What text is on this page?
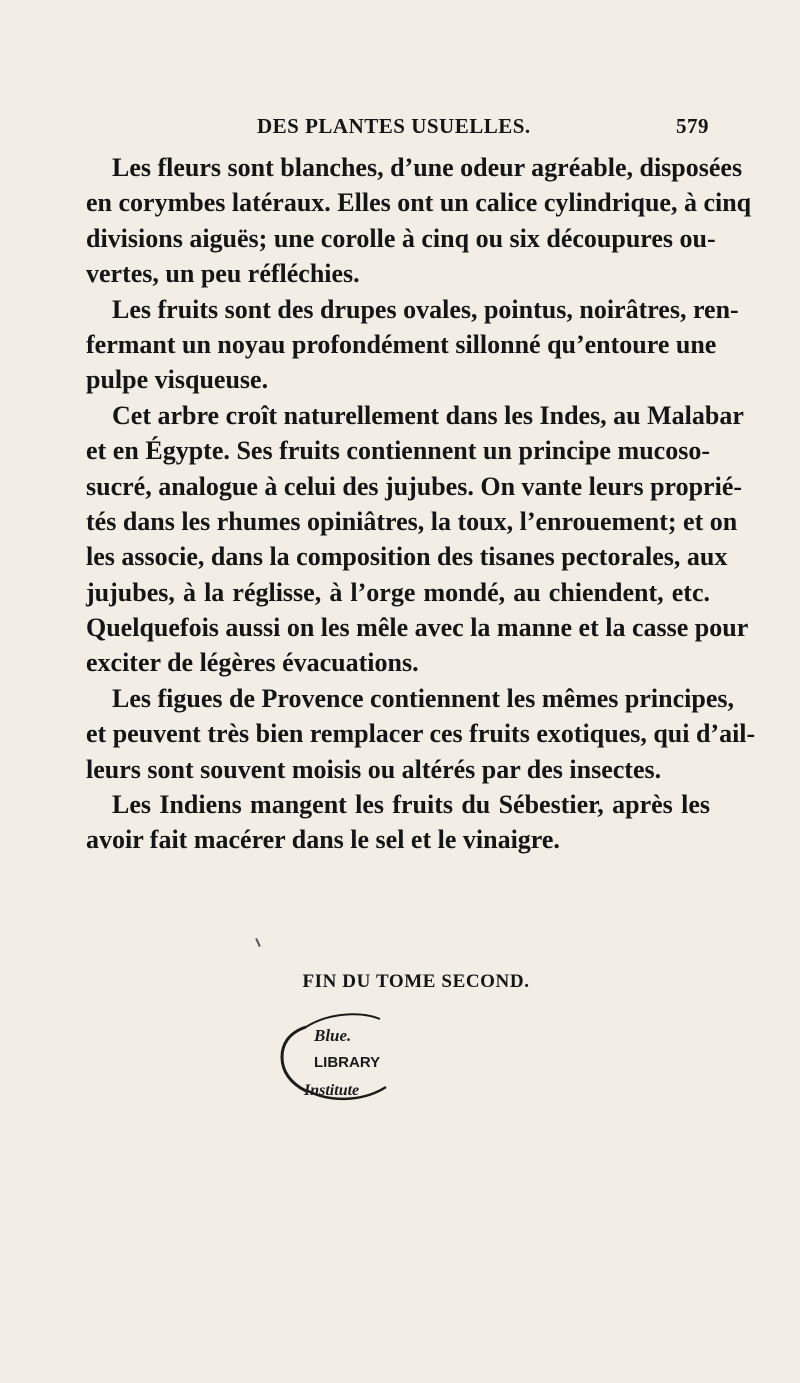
DES PLANTES USUELLES.	579
Les fleurs sont blanches, d’une odeur agréable, disposées
en corymbes latéraux. Elles ont un calice cylindrique, à cinq
divisions aiguës; une corolle à cinq ou six découpures ou-
vertes, un peu réfléchies.
Les fruits sont des drupes ovales, pointus, noirâtres, ren-
fermant un noyau profondément sillonné qu’entoure une
pulpe visqueuse.
Cet arbre croît naturellement dans les Indes, au Malabar
et en Égypte. Ses fruits contiennent un principe mucoso-
sucré, analogue à celui des jujubes. On vante leurs proprié-
tés dans les rhumes opiniâtres, la toux, l’enrouement; et on
les associe, dans la composition des tisanes pectorales, aux
jujubes, à la réglisse, à l’orge mondé, au chiendent, etc.
Quelquefois aussi on les mêle avec la manne et la casse pour
exciter de légères évacuations.
Les figues de Provence contiennent les mêmes principes,
et peuvent très bien remplacer ces fruits exotiques, qui d’ail-
leurs sont souvent moisis ou altérés par des insectes.
Les Indiens mangent les fruits du Sébestier, après les
avoir fait macérer dans le sel et le vinaigre.
FIN DU TOME SECOND.
Blue.
LIBRARY
Institute
